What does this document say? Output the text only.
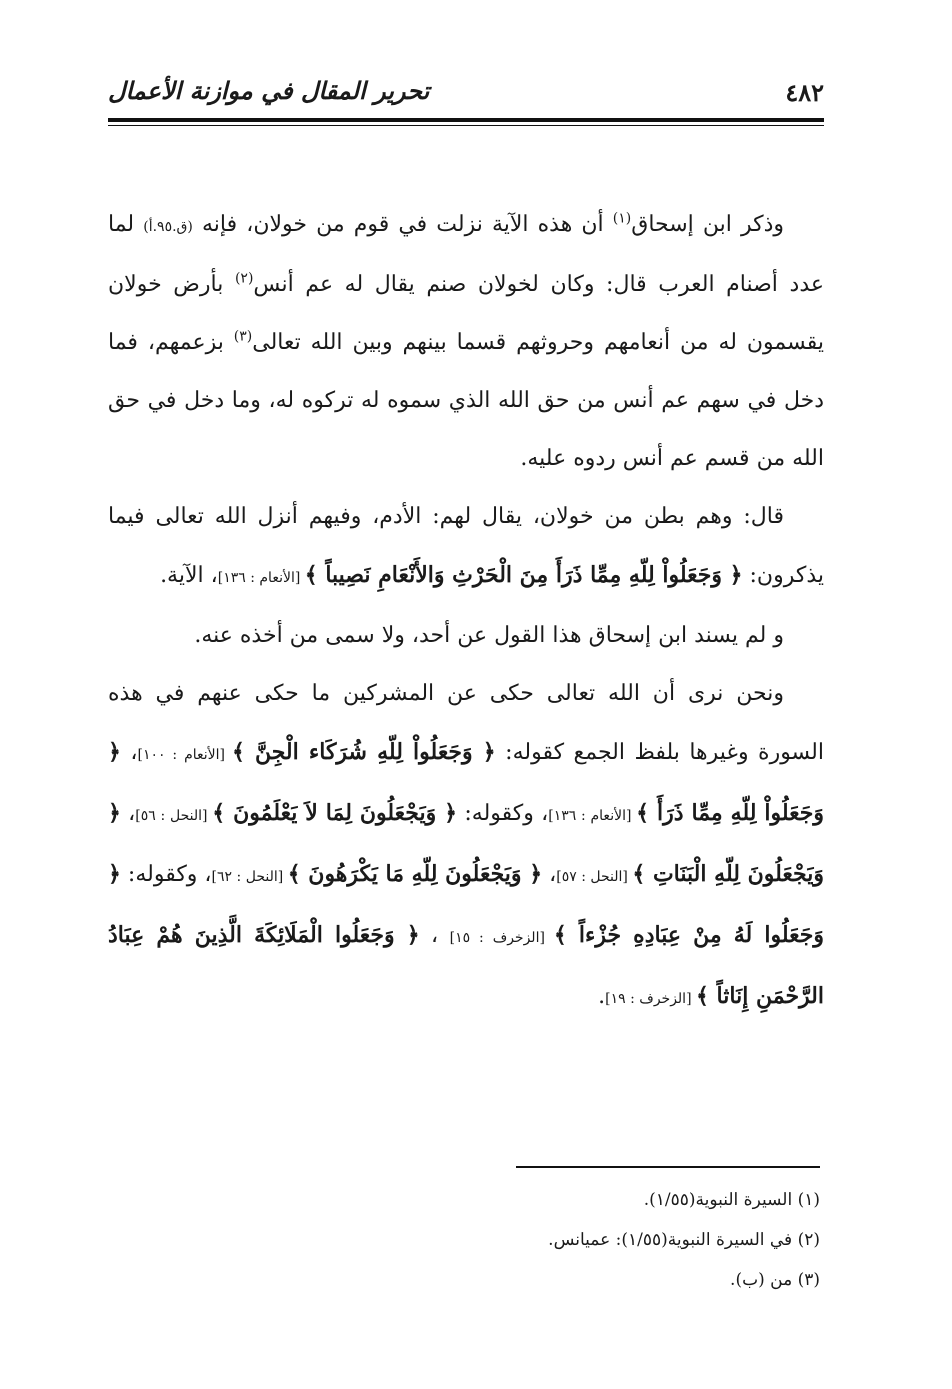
٤٨٢
تحرير المقال في موازنة الأعمال

وذكر ابن إسحاق$^{(١)}$ أن هذه الآية نزلت في قوم من خولان، فإنه (ق.٩٥.أ) لما عدد أصنام العرب قال: وكان لخولان صنم يقال له عم أنس$^{(٢)}$ بأرض خولان يقسمون له من أنعامهم وحروثهم قسما بينهم وبين الله تعالى$^{(٣)}$ بزعمهم، فما دخل في سهم عم أنس من حق الله الذي سموه له تركوه له، وما دخل في حق الله من قسم عم أنس ردوه عليه.

قال: وهم بطن من خولان، يقال لهم: الأدم، وفيهم أنزل الله تعالى فيما يذكرون: ﴿ وَجَعَلُواْ لِلّهِ مِمِّا ذَرَأَ مِنَ الْحَرْثِ وَالأَنْعَامِ نَصِيباً ﴾ [الأنعام : ١٣٦]، الآية.

و لم يسند ابن إسحاق هذا القول عن أحد، ولا سمى من أخذه عنه.

ونحن نرى أن الله تعالى حكى عن المشركين ما حكى عنهم في هذه السورة وغيرها بلفظ الجمع كقوله: ﴿ وَجَعَلُواْ لِلّهِ شُرَكَاء الْجِنَّ ﴾ [الأنعام : ١٠٠]، ﴿ وَجَعَلُواْ لِلّهِ مِمِّا ذَرَأَ ﴾ [الأنعام : ١٣٦]، وكقوله: ﴿ وَيَجْعَلُونَ لِمَا لاَ يَعْلَمُونَ ﴾ [النحل : ٥٦]، ﴿ وَيَجْعَلُونَ لِلّهِ الْبَنَاتِ ﴾ [النحل : ٥٧]، ﴿ وَيَجْعَلُونَ لِلّهِ مَا يَكْرَهُونَ ﴾ [النحل : ٦٢]، وكقوله: ﴿ وَجَعَلُوا لَهُ مِنْ عِبَادِهِ جُزْءاً ﴾ [الزخرف : ١٥] ، ﴿ وَجَعَلُوا الْمَلَائِكَةَ الَّذِينَ هُمْ عِبَادُ الرَّحْمَنِ إِنَاثاً ﴾ [الزخرف : ١٩].

(١) السيرة النبوية(١/٥٥).

(٢) في السيرة النبوية(١/٥٥): عميانس.

(٣) من (ب).
